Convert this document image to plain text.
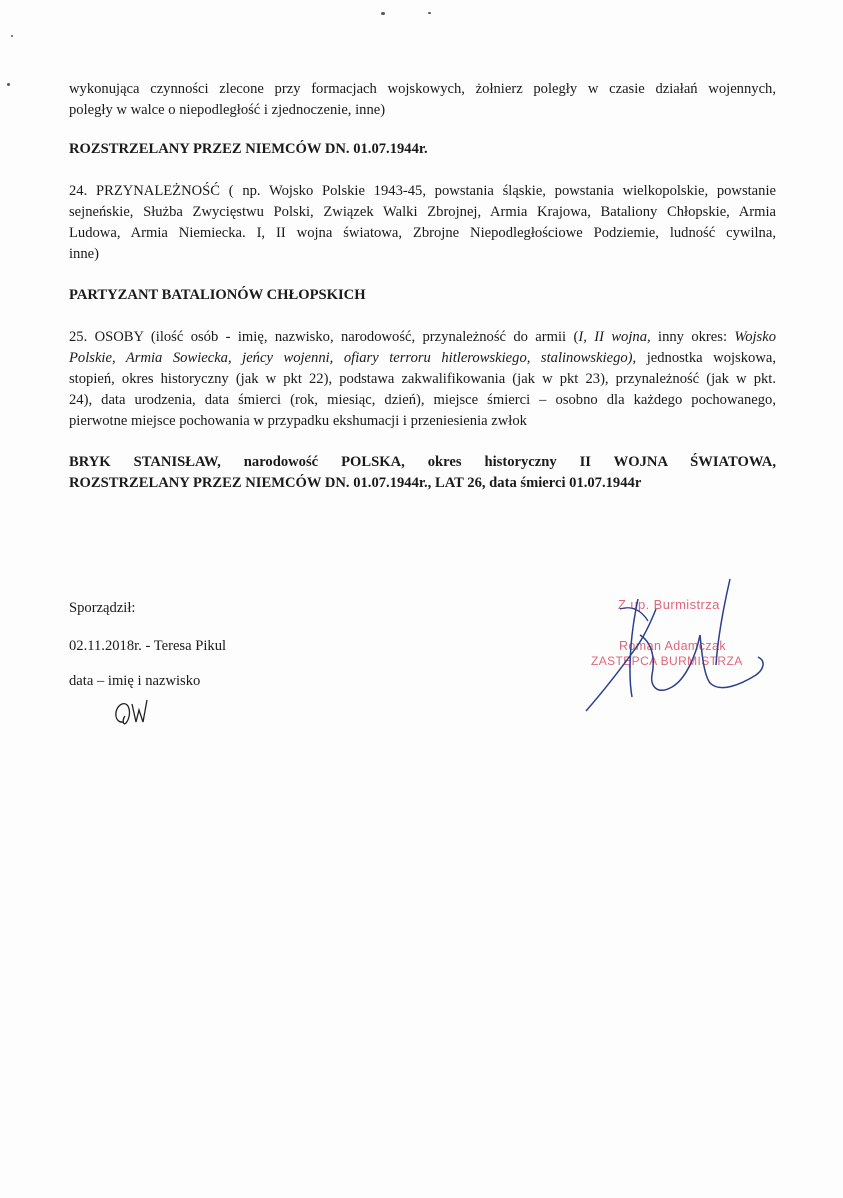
wykonująca czynności zlecone przy formacjach wojskowych, żołnierz poległy w czasie działań wojennych,
poległy w walce o niepodległość i zjednoczenie, inne)
ROZSTRZELANY PRZEZ NIEMCÓW DN. 01.07.1944r.
24. PRZYNALEŻNOŚĆ ( np. Wojsko Polskie 1943-45, powstania śląskie, powstania wielkopolskie, powstanie
sejneńskie, Służba Zwycięstwu Polski, Związek Walki Zbrojnej, Armia Krajowa, Bataliony Chłopskie, Armia
Ludowa, Armia Niemiecka. I, II wojna światowa, Zbrojne Niepodległościowe Podziemie, ludność cywilna,
inne)
PARTYZANT BATALIONÓW CHŁOPSKICH
25. OSOBY (ilość osób - imię, nazwisko, narodowość, przynależność do armii (I, II wojna, inny okres: Wojsko
Polskie, Armia Sowiecka, jeńcy wojenni, ofiary terroru hitlerowskiego, stalinowskiego), jednostka wojskowa,
stopień, okres historyczny (jak w pkt 22), podstawa zakwalifikowania (jak w pkt 23), przynależność (jak w pkt.
24), data urodzenia, data śmierci (rok, miesiąc, dzień), miejsce śmierci – osobno dla każdego pochowanego,
pierwotne miejsce pochowania w przypadku ekshumacji i przeniesienia zwłok
BRYK STANISŁAW, narodowość POLSKA, okres historyczny II WOJNA ŚWIATOWA,
ROZSTRZELANY PRZEZ NIEMCÓW DN. 01.07.1944r., LAT 26, data śmierci 01.07.1944r
Sporządził:
02.11.2018r. - Teresa Pikul
data – imię i nazwisko
Z up. Burmistrza
Roman Adamczak
ZASTĘPCA BURMISTRZA
